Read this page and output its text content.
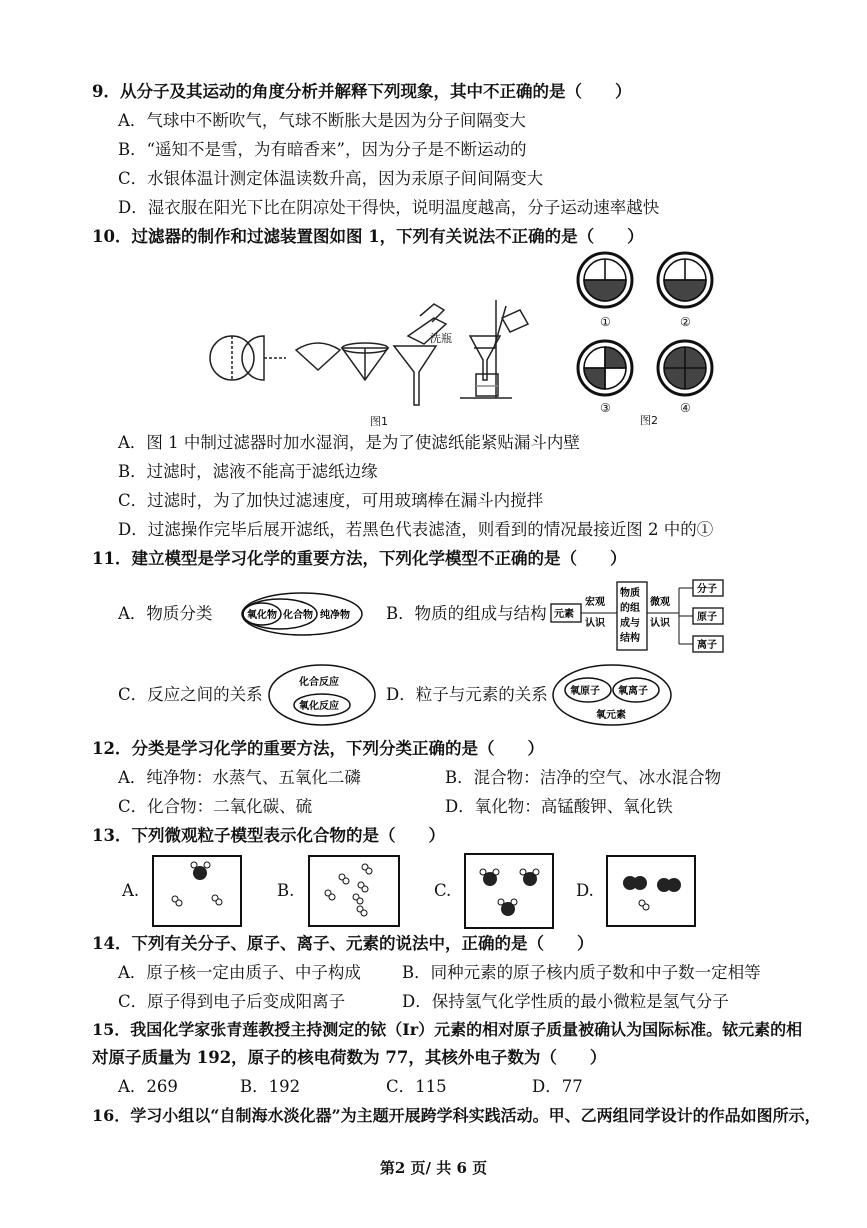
9．从分子及其运动的角度分析并解释下列现象，其中不正确的是（　　）
A．气球中不断吹气，气球不断胀大是因为分子间隔变大
B．“遥知不是雪，为有暗香来”，因为分子是不断运动的
C．水银体温计测定体温读数升高，因为汞原子间间隔变大
D．湿衣服在阳光下比在阴凉处干得快，说明温度越高，分子运动速率越快
10．过滤器的制作和过滤装置图如图 1，下列有关说法不正确的是（　　）
洗瓶
图1
①	②
③	④
图2
A．图 1 中制过滤器时加水湿润，是为了使滤纸能紧贴漏斗内壁
B．过滤时，滤液不能高于滤纸边缘
C．过滤时，为了加快过滤速度，可用玻璃棒在漏斗内搅拌
D．过滤操作完毕后展开滤纸，若黑色代表滤渣，则看到的情况最接近图 2 中的①
11．建立模型是学习化学的重要方法，下列化学模型不正确的是（　　）
A．物质分类	氧化物 化合物 纯净物 B．物质的组成与结构 元素
宏观
认识
物质
的组
成与
结构
微观
认识
分子
原子
离子
C．反应之间的关系
化合反应
氧化反应
D．粒子与元素的关系 氧原子 氧离子
氧元素
12．分类是学习化学的重要方法，下列分类正确的是（　　）
A．纯净物：水蒸气、五氧化二磷	B．混合物：洁净的空气、冰水混合物
C．化合物：二氧化碳、硫	D．氧化物：高锰酸钾、氧化铁
13．下列微观粒子模型表示化合物的是（　　）
A.	B.	C.	D.
14．下列有关分子、原子、离子、元素的说法中，正确的是（　　）
A．原子核一定由质子、中子构成 B．同种元素的原子核内质子数和中子数一定相等
C．原子得到电子后变成阳离子	D．保持氢气化学性质的最小微粒是氢气分子
15．我国化学家张青莲教授主持测定的铱（Ir）元素的相对原子质量被确认为国际标准。铱元素的相
对原子质量为 192，原子的核电荷数为 77，其核外电子数为（　　）
A．269	B．192	C．115	D．77
16．学习小组以“自制海水淡化器”为主题开展跨学科实践活动。甲、乙两组同学设计的作品如图所示，
第2 页/ 共 6 页
